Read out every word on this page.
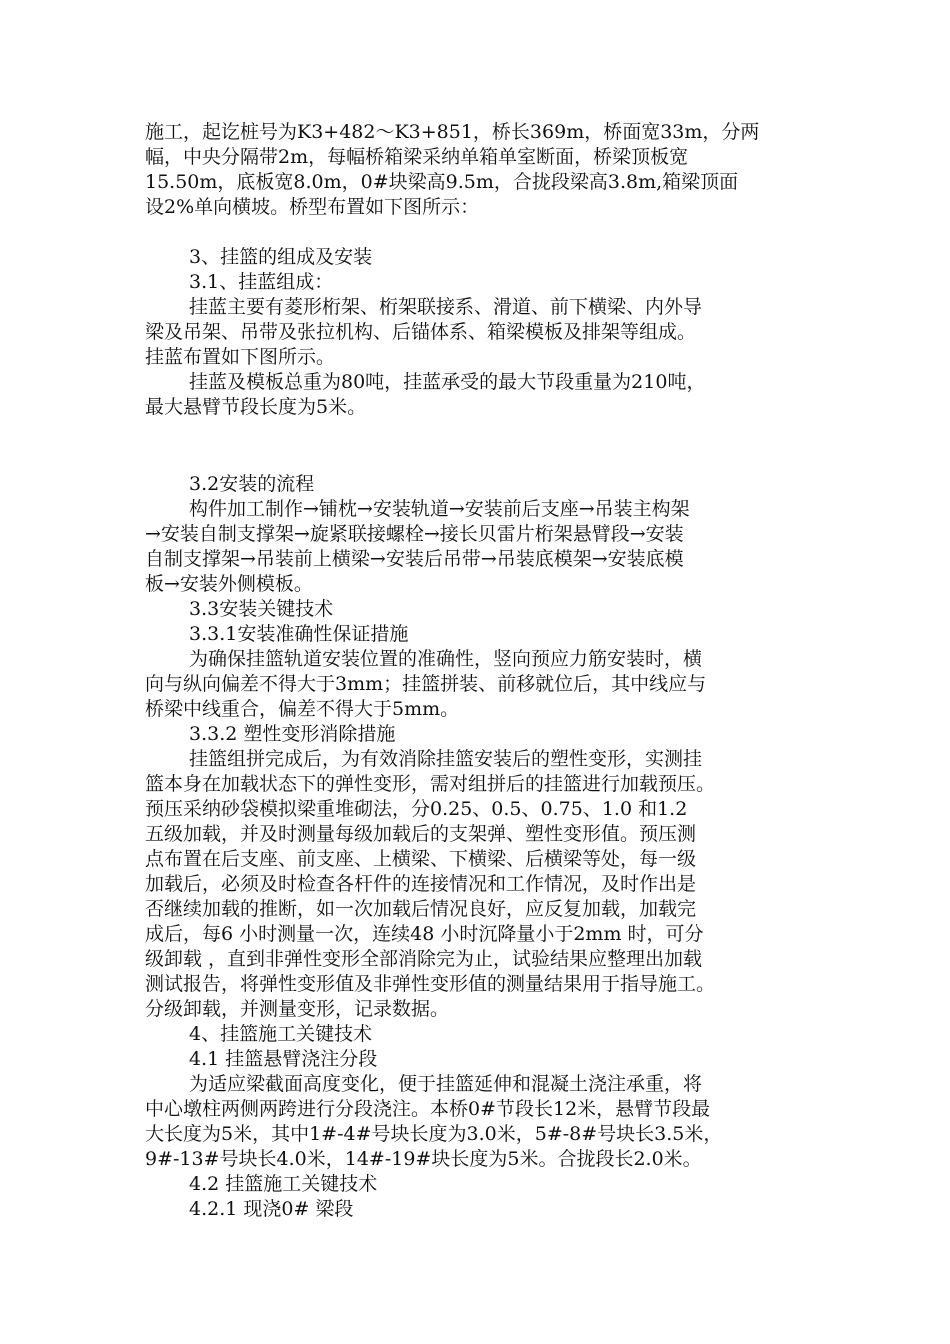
施工，起讫桩号为K3+482～K3+851，桥长369m，桥面宽33m，分两
幅，中央分隔带2m，每幅桥箱梁采纳单箱单室断面，桥梁顶板宽
15.50m，底板宽8.0m，0#块梁高9.5m，合拢段梁高3.8m,箱梁顶面
设2%单向横坡。桥型布置如下图所示：
3、挂篮的组成及安装
3.1、挂蓝组成：
挂蓝主要有菱形桁架、桁架联接系、滑道、前下横梁、内外导
梁及吊架、吊带及张拉机构、后锚体系、箱梁模板及排架等组成。
挂蓝布置如下图所示。
挂蓝及模板总重为80吨，挂蓝承受的最大节段重量为210吨，
最大悬臂节段长度为5米。
3.2安装的流程
构件加工制作→铺枕→安装轨道→安装前后支座→吊装主构架
→安装自制支撑架→旋紧联接螺栓→接长贝雷片桁架悬臂段→安装
自制支撑架→吊装前上横梁→安装后吊带→吊装底模架→安装底模
板→安装外侧模板。
3.3安装关键技术
3.3.1安装准确性保证措施
为确保挂篮轨道安装位置的准确性，竖向预应力筋安装时，横
向与纵向偏差不得大于3mm；挂篮拼装、前移就位后，其中线应与
桥梁中线重合，偏差不得大于5mm。
3.3.2 塑性变形消除措施
挂篮组拼完成后，为有效消除挂篮安装后的塑性变形，实测挂
篮本身在加载状态下的弹性变形，需对组拼后的挂篮进行加载预压。
预压采纳砂袋模拟梁重堆砌法，分0.25、0.5、0.75、1.0 和1.2
五级加载，并及时测量每级加载后的支架弹、塑性变形值。预压测
点布置在后支座、前支座、上横梁、下横梁、后横梁等处，每一级
加载后，必须及时检查各杆件的连接情况和工作情况，及时作出是
否继续加载的推断，如一次加载后情况良好，应反复加载，加载完
成后，每6 小时测量一次，连续48 小时沉降量小于2mm 时，可分
级卸载 ，直到非弹性变形全部消除完为止，试验结果应整理出加载
测试报告，将弹性变形值及非弹性变形值的测量结果用于指导施工。
分级卸载，并测量变形，记录数据。
4、挂篮施工关键技术
4.1 挂篮悬臂浇注分段
为适应梁截面高度变化，便于挂篮延伸和混凝土浇注承重，将
中心墩柱两侧两跨进行分段浇注。本桥0#节段长12米，悬臂节段最
大长度为5米，其中1#-4#号块长度为3.0米，5#-8#号块长3.5米，
9#-13#号块长4.0米，14#-19#块长度为5米。合拢段长2.0米。
4.2 挂篮施工关键技术
4.2.1 现浇0# 梁段
